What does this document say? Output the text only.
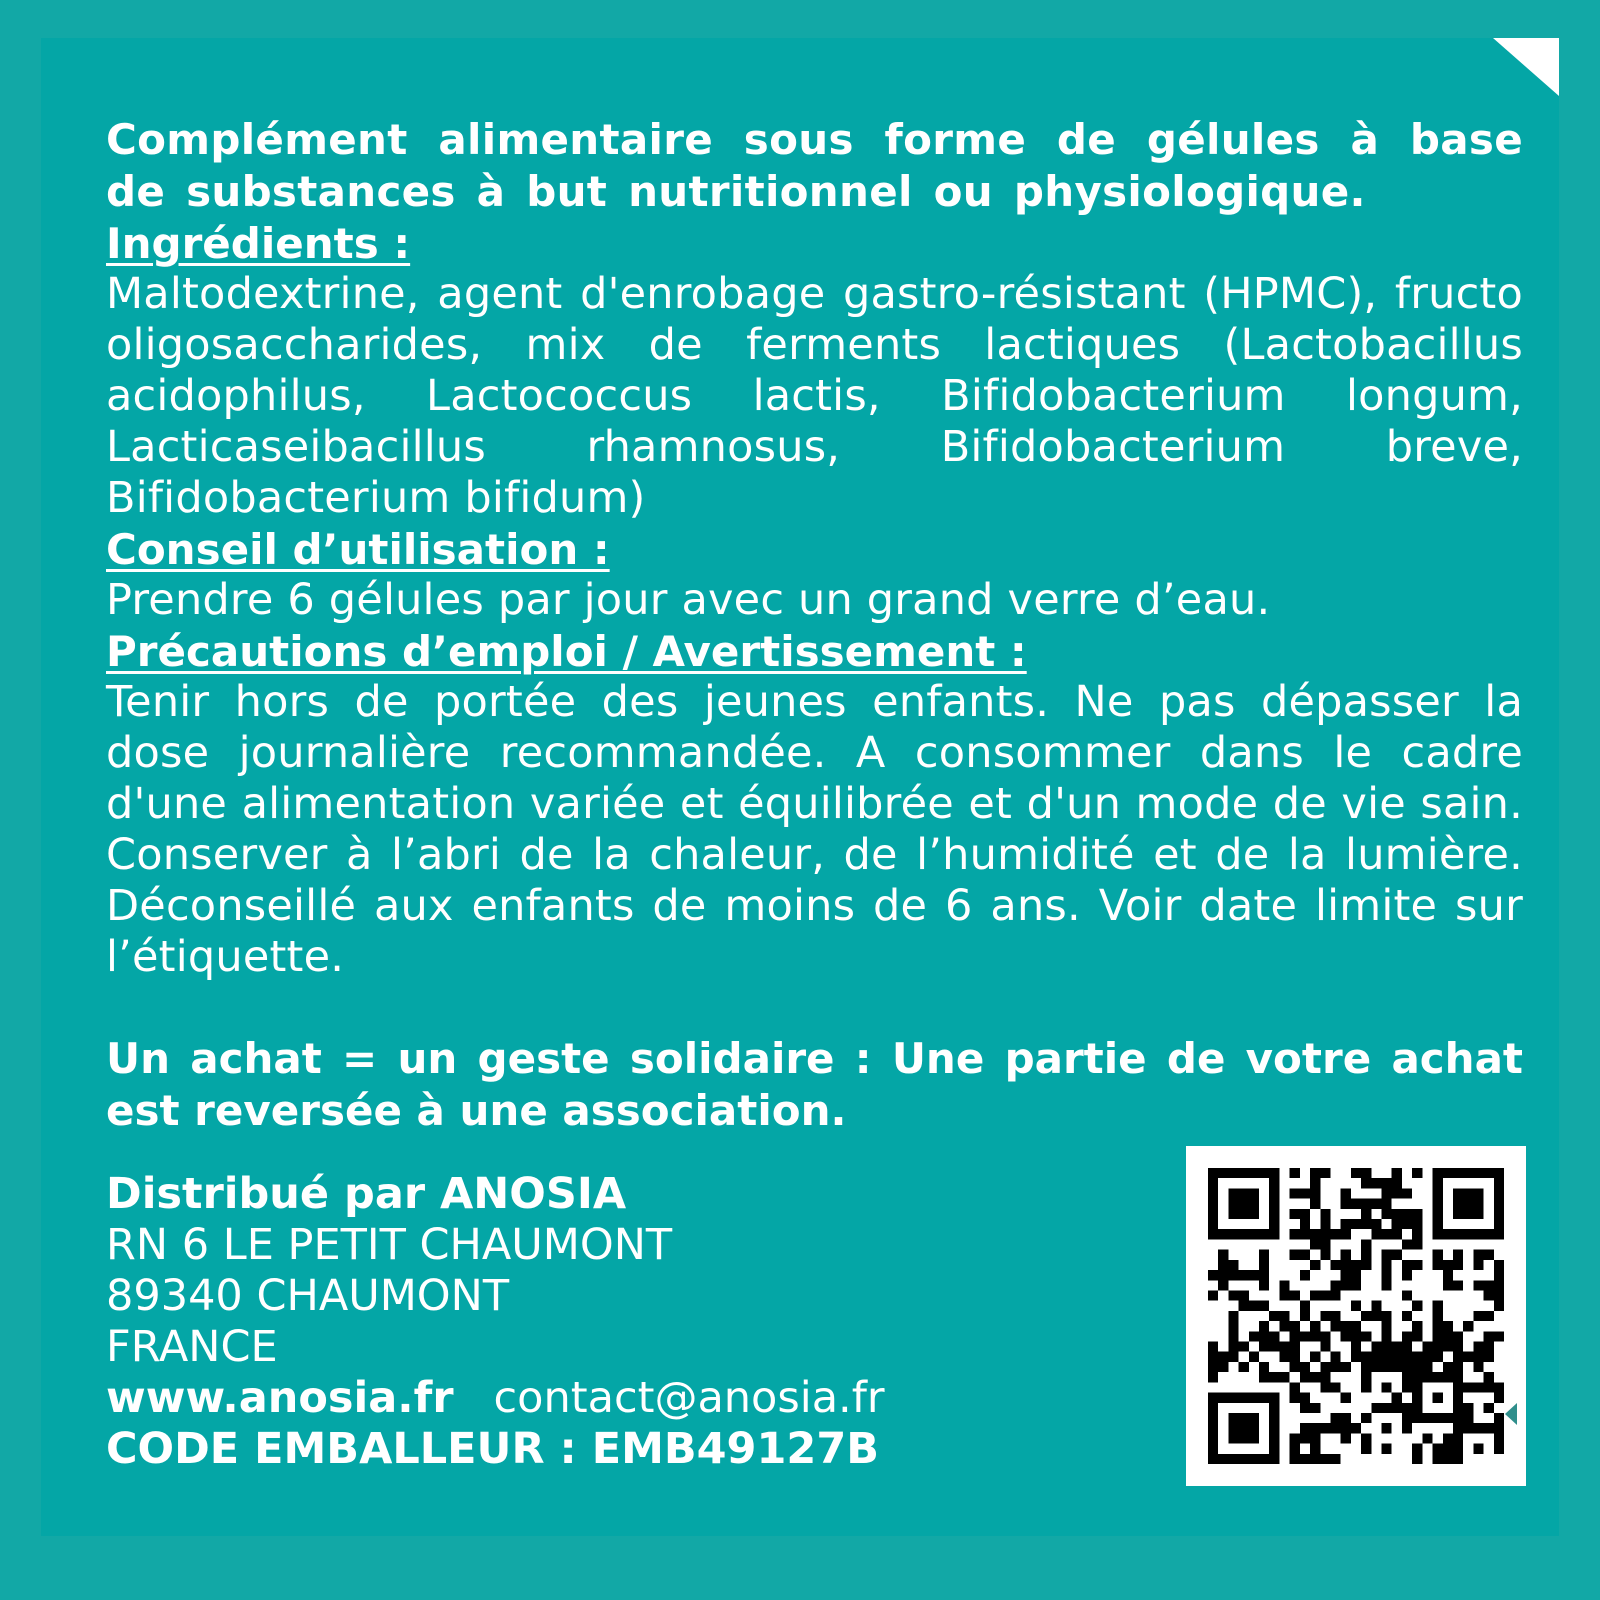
Complément alimentaire sous forme de gélules à base de substances à but nutritionnel ou physiologique.

Ingrédients :

Maltodextrine, agent d'enrobage gastro-résistant (HPMC), fructo oligosaccharides, mix de ferments lactiques (Lactobacillus acidophilus, Lactococcus lactis, Bifidobacterium longum, Lacticaseibacillus rhamnosus, Bifidobacterium breve, Bifidobacterium bifidum)

Conseil d’utilisation :

Prendre 6 gélules par jour avec un grand verre d’eau.

Précautions d’emploi / Avertissement :

Tenir hors de portée des jeunes enfants. Ne pas dépasser la dose journalière recommandée. A consommer dans le cadre d'une alimentation variée et équilibrée et d'un mode de vie sain. Conserver à l’abri de la chaleur, de l’humidité et de la lumière. Déconseillé aux enfants de moins de 6 ans. Voir date limite sur l’étiquette.

Un achat = un geste solidaire : Une partie de votre achat est reversée à une association.

Distribué par ANOSIA
RN 6 LE PETIT CHAUMONT
89340 CHAUMONT
FRANCE
www.anosia.fr contact@anosia.fr
CODE EMBALLEUR : EMB49127B
